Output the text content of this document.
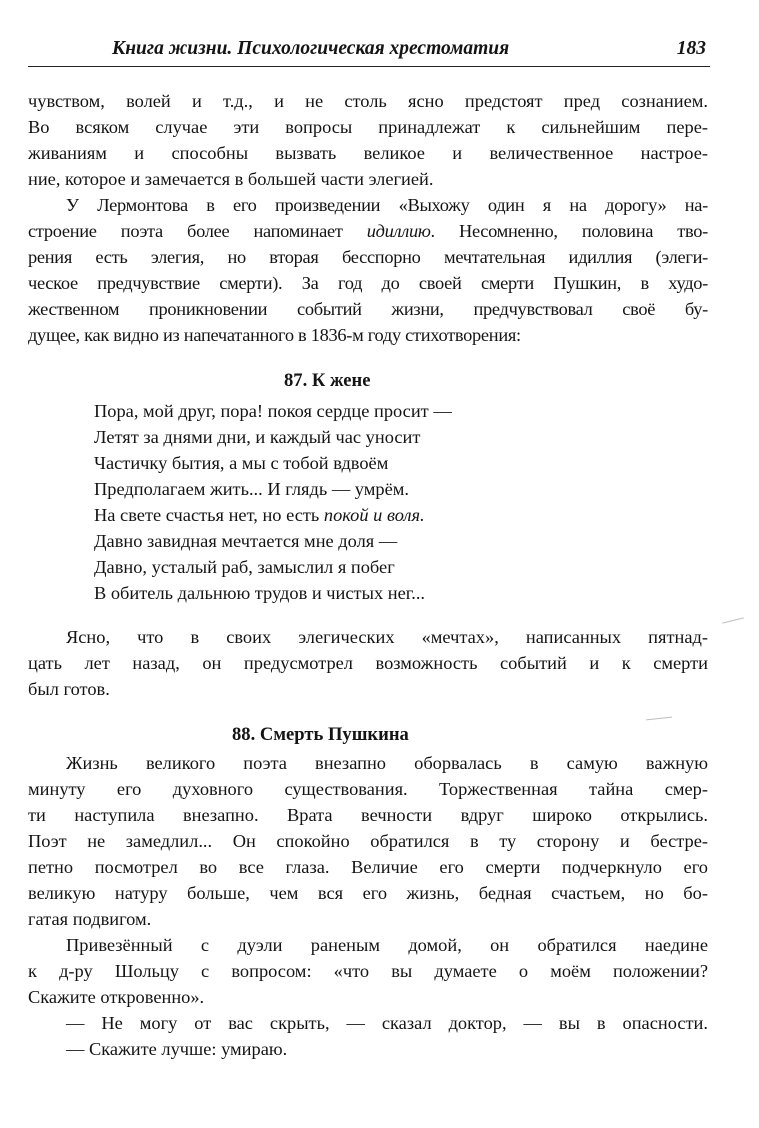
Книга жизни. Психологическая хрестоматия	183
чувством, волей и т.д., и не столь ясно предстоят пред сознанием.
Во всяком случае эти вопросы принадлежат к сильнейшим пере-
живаниям и способны вызвать великое и величественное настрое-
ние, которое и замечается в большей части элегией.
У Лермонтова в его произведении «Выхожу один я на дорогу» на-
строение поэта более напоминает идиллию. Несомненно, половина тво-
рения есть элегия, но вторая бесспорно мечтательная идиллия (элеги-
ческое предчувствие смерти). За год до своей смерти Пушкин, в худо-
жественном проникновении событий жизни, предчувствовал своё бу-
дущее, как видно из напечатанного в 1836-м году стихотворения:
87. К жене
Пора, мой друг, пора! покоя сердце просит —
Летят за днями дни, и каждый час уносит
Частичку бытия, а мы с тобой вдвоём
Предполагаем жить... И глядь — умрём.
На свете счастья нет, но есть покой и воля.
Давно завидная мечтается мне доля —
Давно, усталый раб, замыслил я побег
В обитель дальнюю трудов и чистых нег...
Ясно, что в своих элегических «мечтах», написанных пятнад-
цать лет назад, он предусмотрел возможность событий и к смерти
был готов.
88. Смерть Пушкина
Жизнь великого поэта внезапно оборвалась в самую важную
минуту его духовного существования. Торжественная тайна смер-
ти наступила внезапно. Врата вечности вдруг широко открылись.
Поэт не замедлил... Он спокойно обратился в ту сторону и бестре-
петно посмотрел во все глаза. Величие его смерти подчеркнуло его
великую натуру больше, чем вся его жизнь, бедная счастьем, но бо-
гатая подвигом.
Привезённый с дуэли раненым домой, он обратился наедине
к д-ру Шольцу с вопросом: «что вы думаете о моём положении?
Скажите откровенно».
— Не могу от вас скрыть, — сказал доктор, — вы в опасности.
— Скажите лучше: умираю.
